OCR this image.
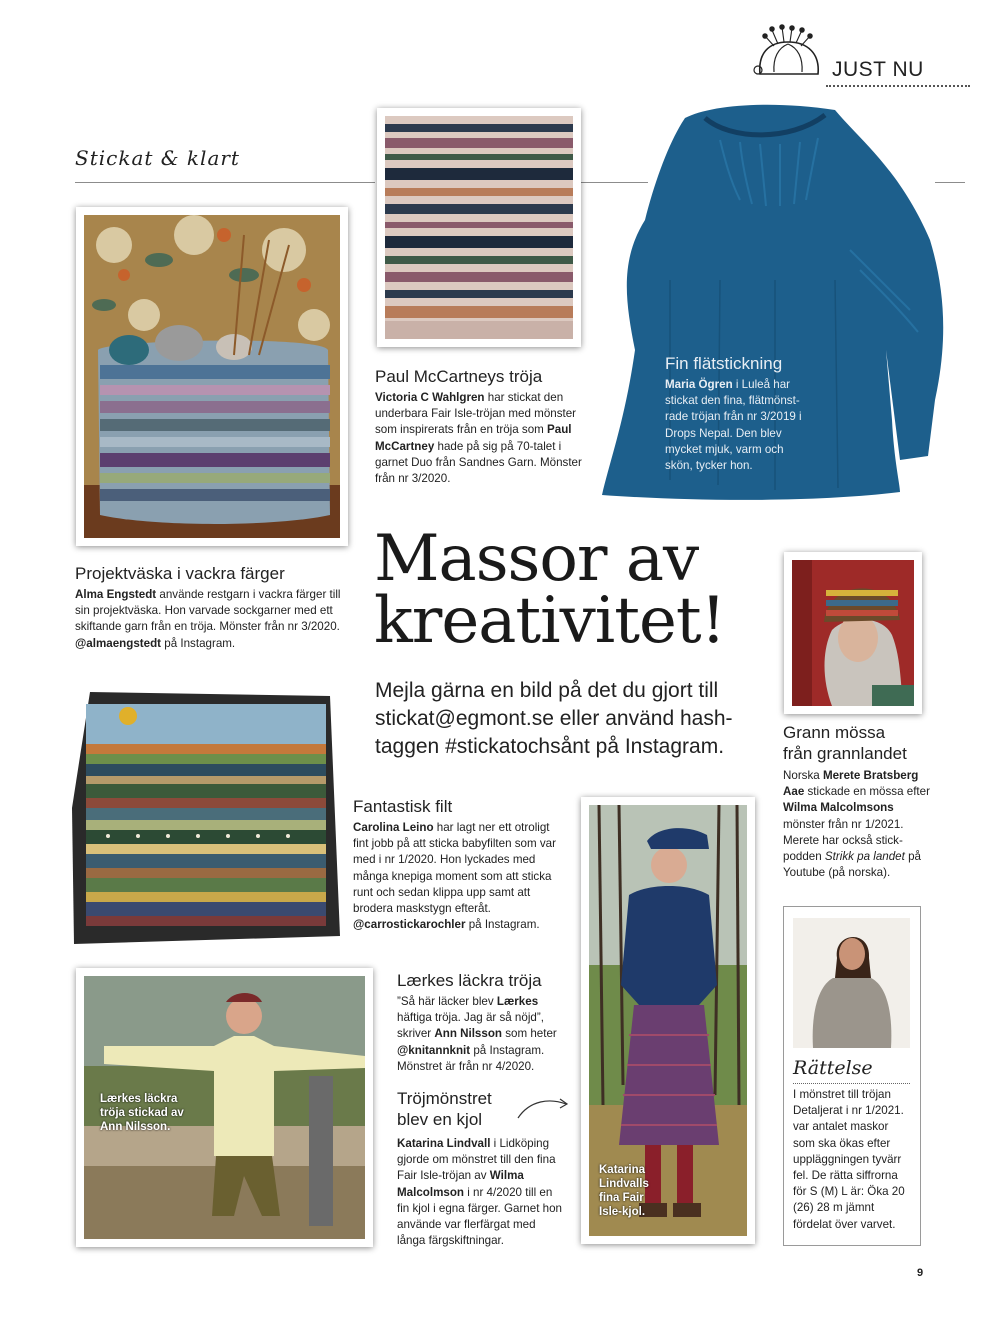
JUST NU
Stickat & klart
Fin flätstickning
Maria Ögren i Luleå har stickat den fina, flätmönst-rade tröjan från nr 3/2019 i Drops Nepal. Den blev mycket mjuk, varm och skön, tycker hon.
Paul McCartneys tröja
Victoria C Wahlgren har stickat den underbara Fair Isle-tröjan med mönster som inspirerats från en tröja som Paul McCartney hade på sig på 70-talet i garnet Duo från Sandnes Garn. Mönster från nr 3/2020.
Projektväska i vackra färger
Alma Engstedt använde restgarn i vackra färger till sin projektväska. Hon varvade sockgarner med ett skiftande garn från en tröja. Mönster från nr 3/2020. @almaengstedt på Instagram.
Massor av
kreativitet!
Mejla gärna en bild på det du gjort till
stickat@egmont.se eller använd hash-
taggen #stickatochsånt på Instagram.
Grann mössa
från grannlandet
Norska Merete Bratsberg Aae stickade en mössa efter Wilma Malcolmsons mönster från nr 1/2021. Merete har också stick-podden Strikk pa landet på Youtube (på norska).
Fantastisk filt
Carolina Leino har lagt ner ett otroligt fint jobb på att sticka babyfilten som var med i nr 1/2020. Hon lyckades med många knepiga moment som att sticka runt och sedan klippa upp samt att brodera maskstygn efteråt. @carrostickarochler på Instagram.
Katarina Lindvalls fina Fair Isle-kjol.
Lærkes läckra tröja stickad av Ann Nilsson.
Lærkes läckra tröja
”Så här läcker blev Lærkes häftiga tröja. Jag är så nöjd”, skriver Ann Nilsson som heter @knitannknit på Instagram. Mönstret är från nr 4/2020.
Tröjmönstret
blev en kjol
Katarina Lindvall i Lidköping gjorde om mönstret till den fina Fair Isle-tröjan av Wilma Malcolmson i nr 4/2020 till en fin kjol i egna färger. Garnet hon använde var flerfärgat med långa färgskiftningar.
Rättelse
I mönstret till tröjan Detaljerat i nr 1/2021. var antalet maskor som ska ökas efter uppläggningen tyvärr fel. De rätta siffrorna för S (M) L är: Öka 20 (26) 28 m jämnt fördelat över varvet.
9
